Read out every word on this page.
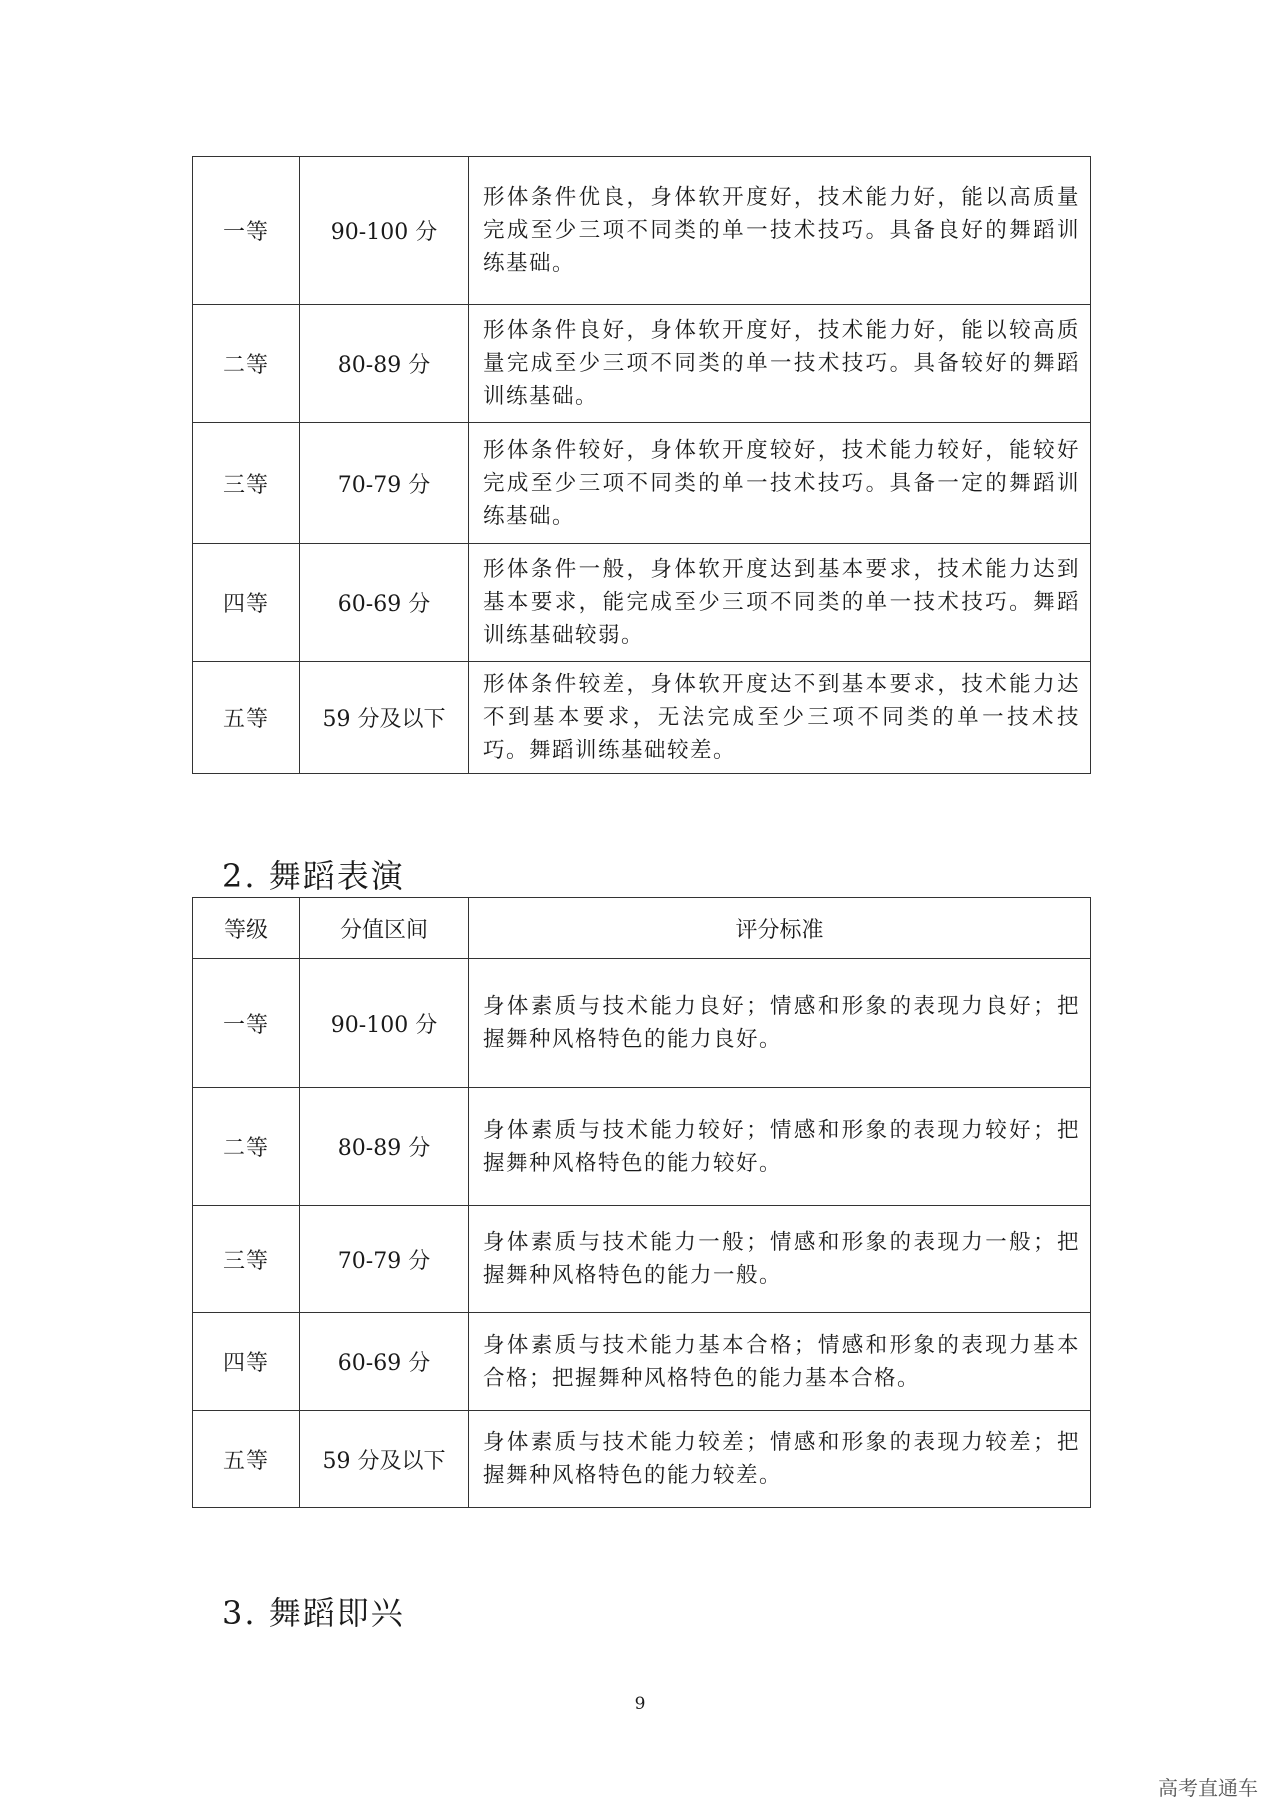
一等	90-100 分	形体条件优良，身体软开度好，技术能力好，能以高质量完成至少三项不同类的单一技术技巧。具备良好的舞蹈训练基础。
二等	80-89 分	形体条件良好，身体软开度好，技术能力好，能以较高质量完成至少三项不同类的单一技术技巧。具备较好的舞蹈训练基础。
三等	70-79 分	形体条件较好，身体软开度较好，技术能力较好，能较好完成至少三项不同类的单一技术技巧。具备一定的舞蹈训练基础。
四等	60-69 分	形体条件一般，身体软开度达到基本要求，技术能力达到基本要求，能完成至少三项不同类的单一技术技巧。舞蹈训练基础较弱。
五等	59 分及以下	形体条件较差，身体软开度达不到基本要求，技术能力达不到基本要求，无法完成至少三项不同类的单一技术技巧。舞蹈训练基础较差。
2. 舞蹈表演
等级	分值区间	评分标准
一等	90-100 分	身体素质与技术能力良好；情感和形象的表现力良好；把握舞种风格特色的能力良好。
二等	80-89 分	身体素质与技术能力较好；情感和形象的表现力较好；把握舞种风格特色的能力较好。
三等	70-79 分	身体素质与技术能力一般；情感和形象的表现力一般；把握舞种风格特色的能力一般。
四等	60-69 分	身体素质与技术能力基本合格；情感和形象的表现力基本合格；把握舞种风格特色的能力基本合格。
五等	59 分及以下	身体素质与技术能力较差；情感和形象的表现力较差；把握舞种风格特色的能力较差。
3. 舞蹈即兴
9
高考直通车
